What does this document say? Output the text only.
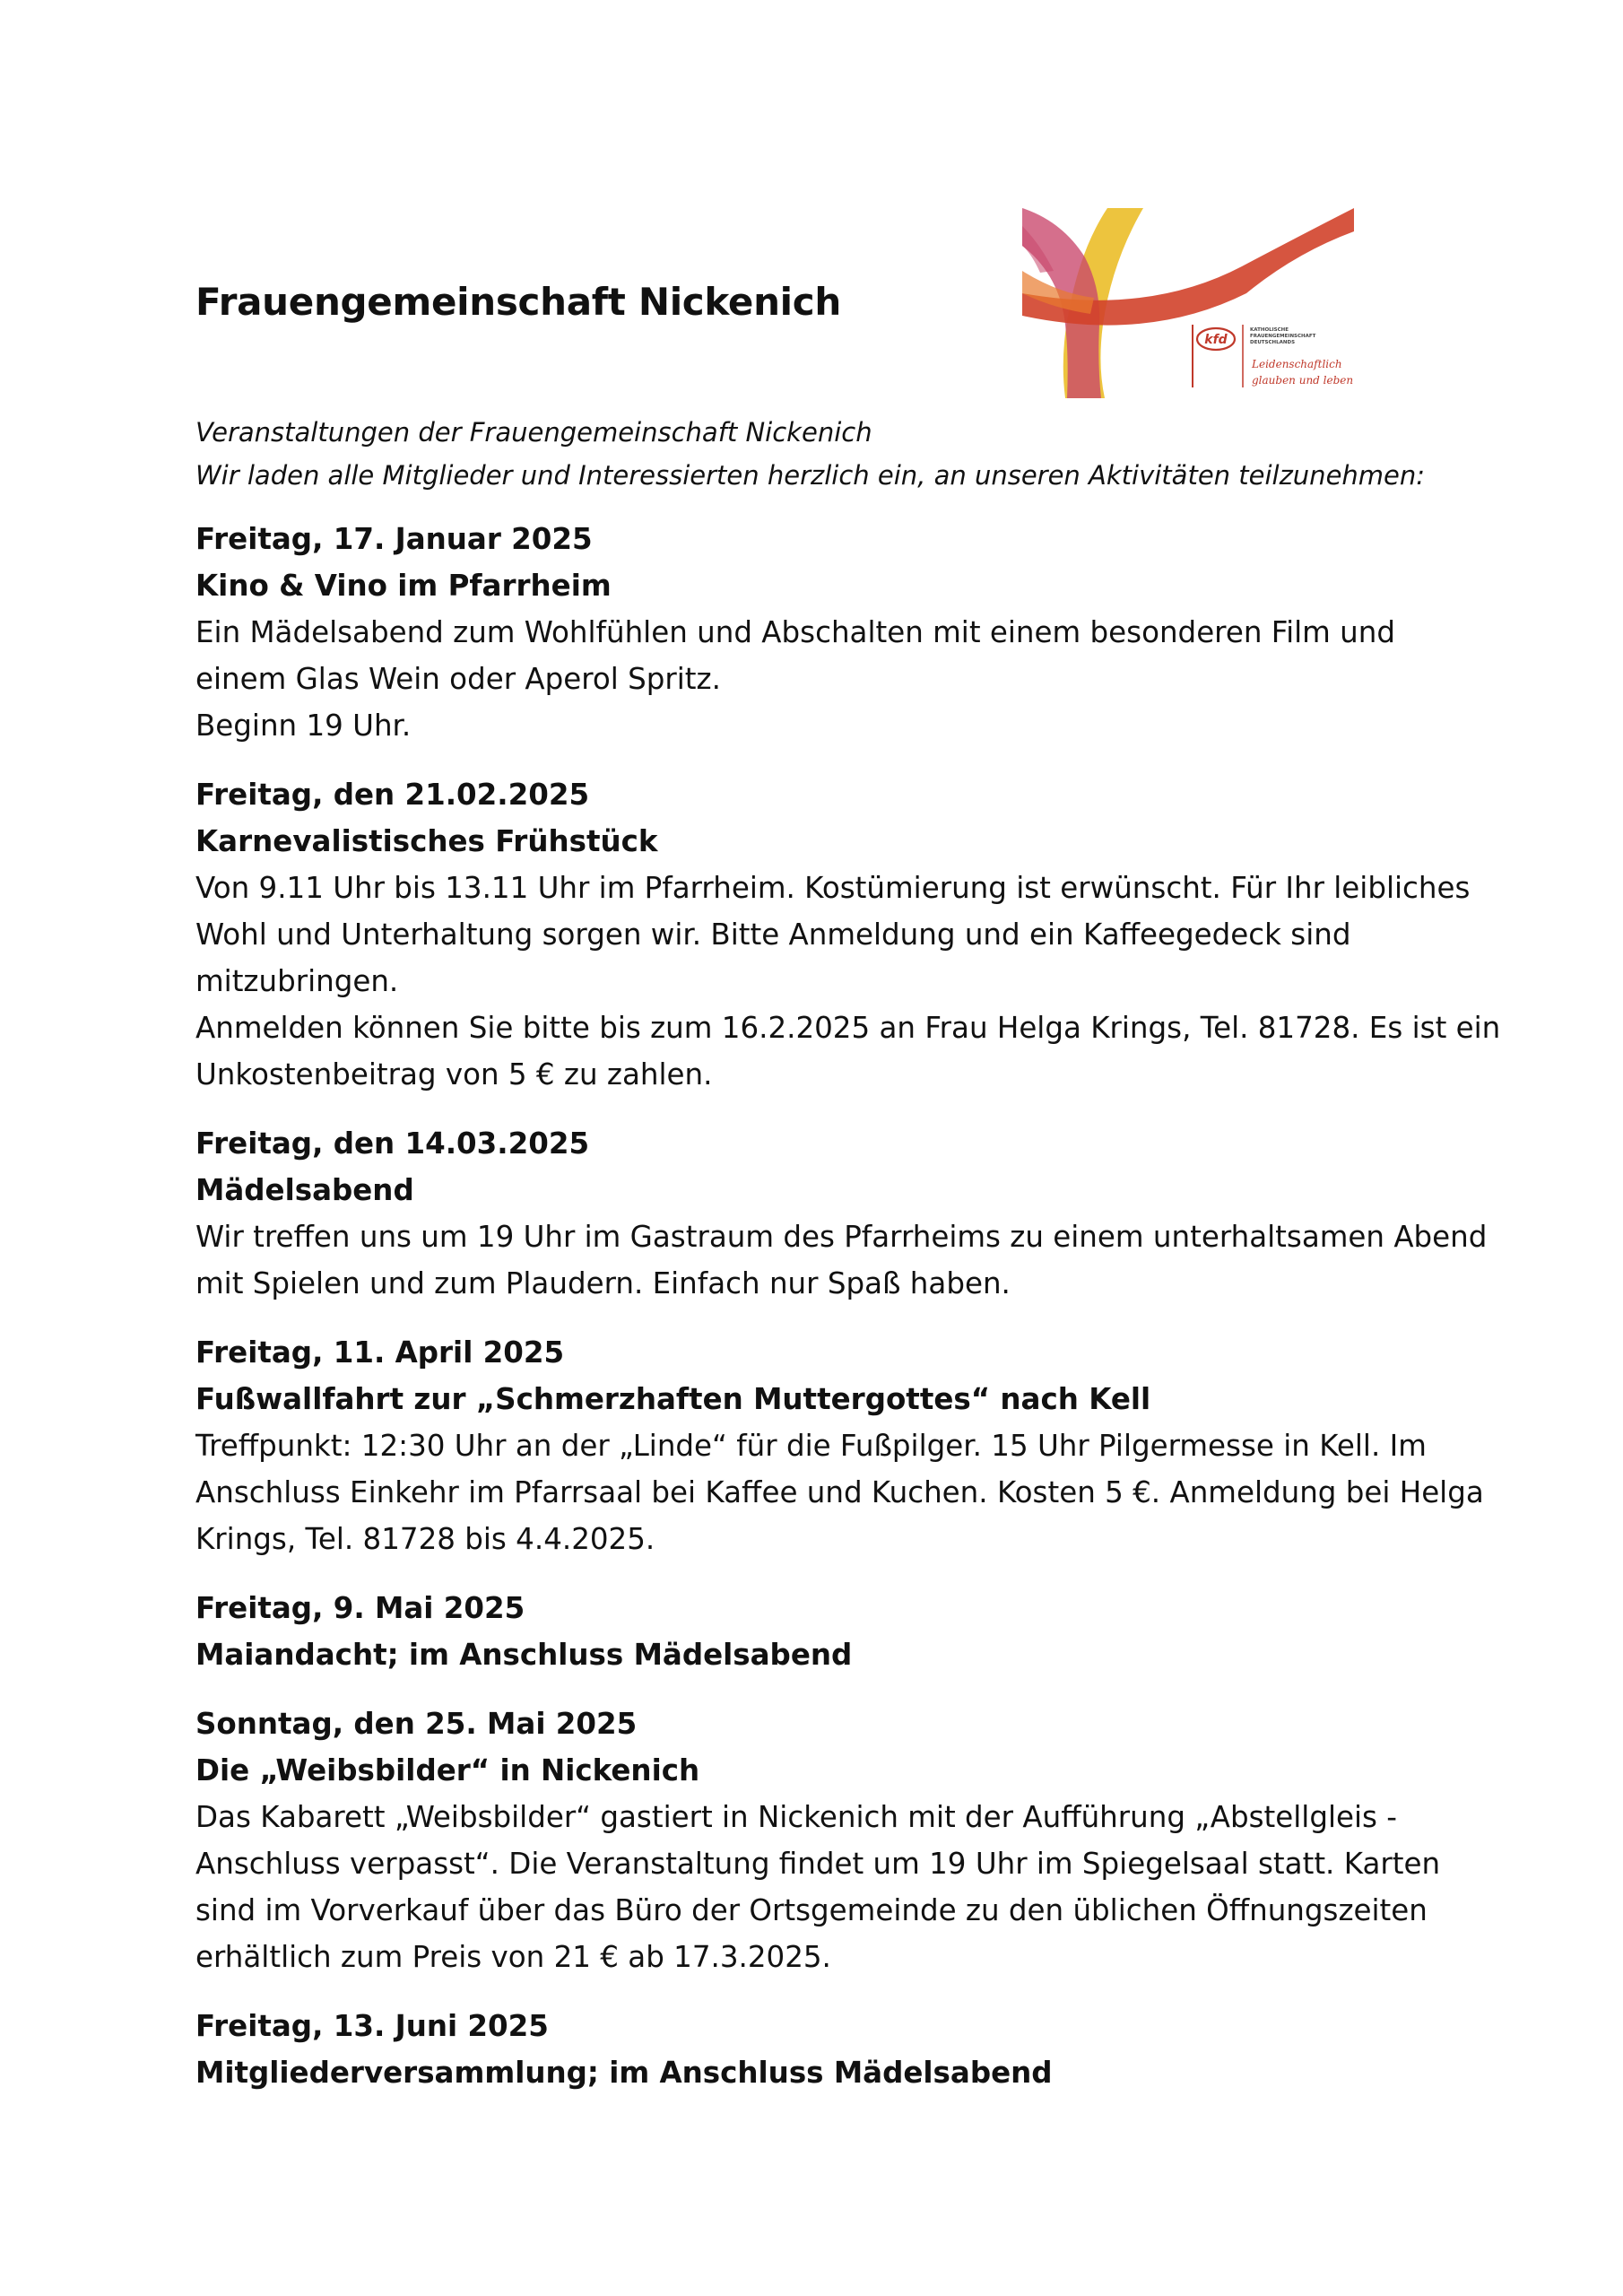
Frauengemeinschaft Nickenich
kfd
KATHOLISCHE
FRAUENGEMEINSCHAFT
DEUTSCHLANDS
Leidenschaftlich
glauben und leben
Veranstaltungen der Frauengemeinschaft Nickenich
Wir laden alle Mitglieder und Interessierten herzlich ein, an unseren Aktivitäten teilzunehmen:
Freitag, 17. Januar 2025
Kino & Vino im Pfarrheim
Ein Mädelsabend zum Wohlfühlen und Abschalten mit einem besonderen Film und
einem Glas Wein oder Aperol Spritz.
Beginn 19 Uhr.
Freitag, den 21.02.2025
Karnevalistisches Frühstück
Von 9.11 Uhr bis 13.11 Uhr im Pfarrheim. Kostümierung ist erwünscht. Für Ihr leibliches
Wohl und Unterhaltung sorgen wir. Bitte Anmeldung und ein Kaffeegedeck sind
mitzubringen.
Anmelden können Sie bitte bis zum 16.2.2025 an Frau Helga Krings, Tel. 81728. Es ist ein
Unkostenbeitrag von 5 € zu zahlen.
Freitag, den 14.03.2025
Mädelsabend
Wir treffen uns um 19 Uhr im Gastraum des Pfarrheims zu einem unterhaltsamen Abend
mit Spielen und zum Plaudern. Einfach nur Spaß haben.
Freitag, 11. April 2025
Fußwallfahrt zur „Schmerzhaften Muttergottes“ nach Kell
Treffpunkt: 12:30 Uhr an der „Linde“ für die Fußpilger. 15 Uhr Pilgermesse in Kell. Im
Anschluss Einkehr im Pfarrsaal bei Kaffee und Kuchen. Kosten 5 €. Anmeldung bei Helga
Krings, Tel. 81728 bis 4.4.2025.
Freitag, 9. Mai 2025
Maiandacht; im Anschluss Mädelsabend
Sonntag, den 25. Mai 2025
Die „Weibsbilder“ in Nickenich
Das Kabarett „Weibsbilder“ gastiert in Nickenich mit der Aufführung „Abstellgleis -
Anschluss verpasst“. Die Veranstaltung findet um 19 Uhr im Spiegelsaal statt. Karten
sind im Vorverkauf über das Büro der Ortsgemeinde zu den üblichen Öffnungszeiten
erhältlich zum Preis von 21 € ab 17.3.2025.
Freitag, 13. Juni 2025
Mitgliederversammlung; im Anschluss Mädelsabend
